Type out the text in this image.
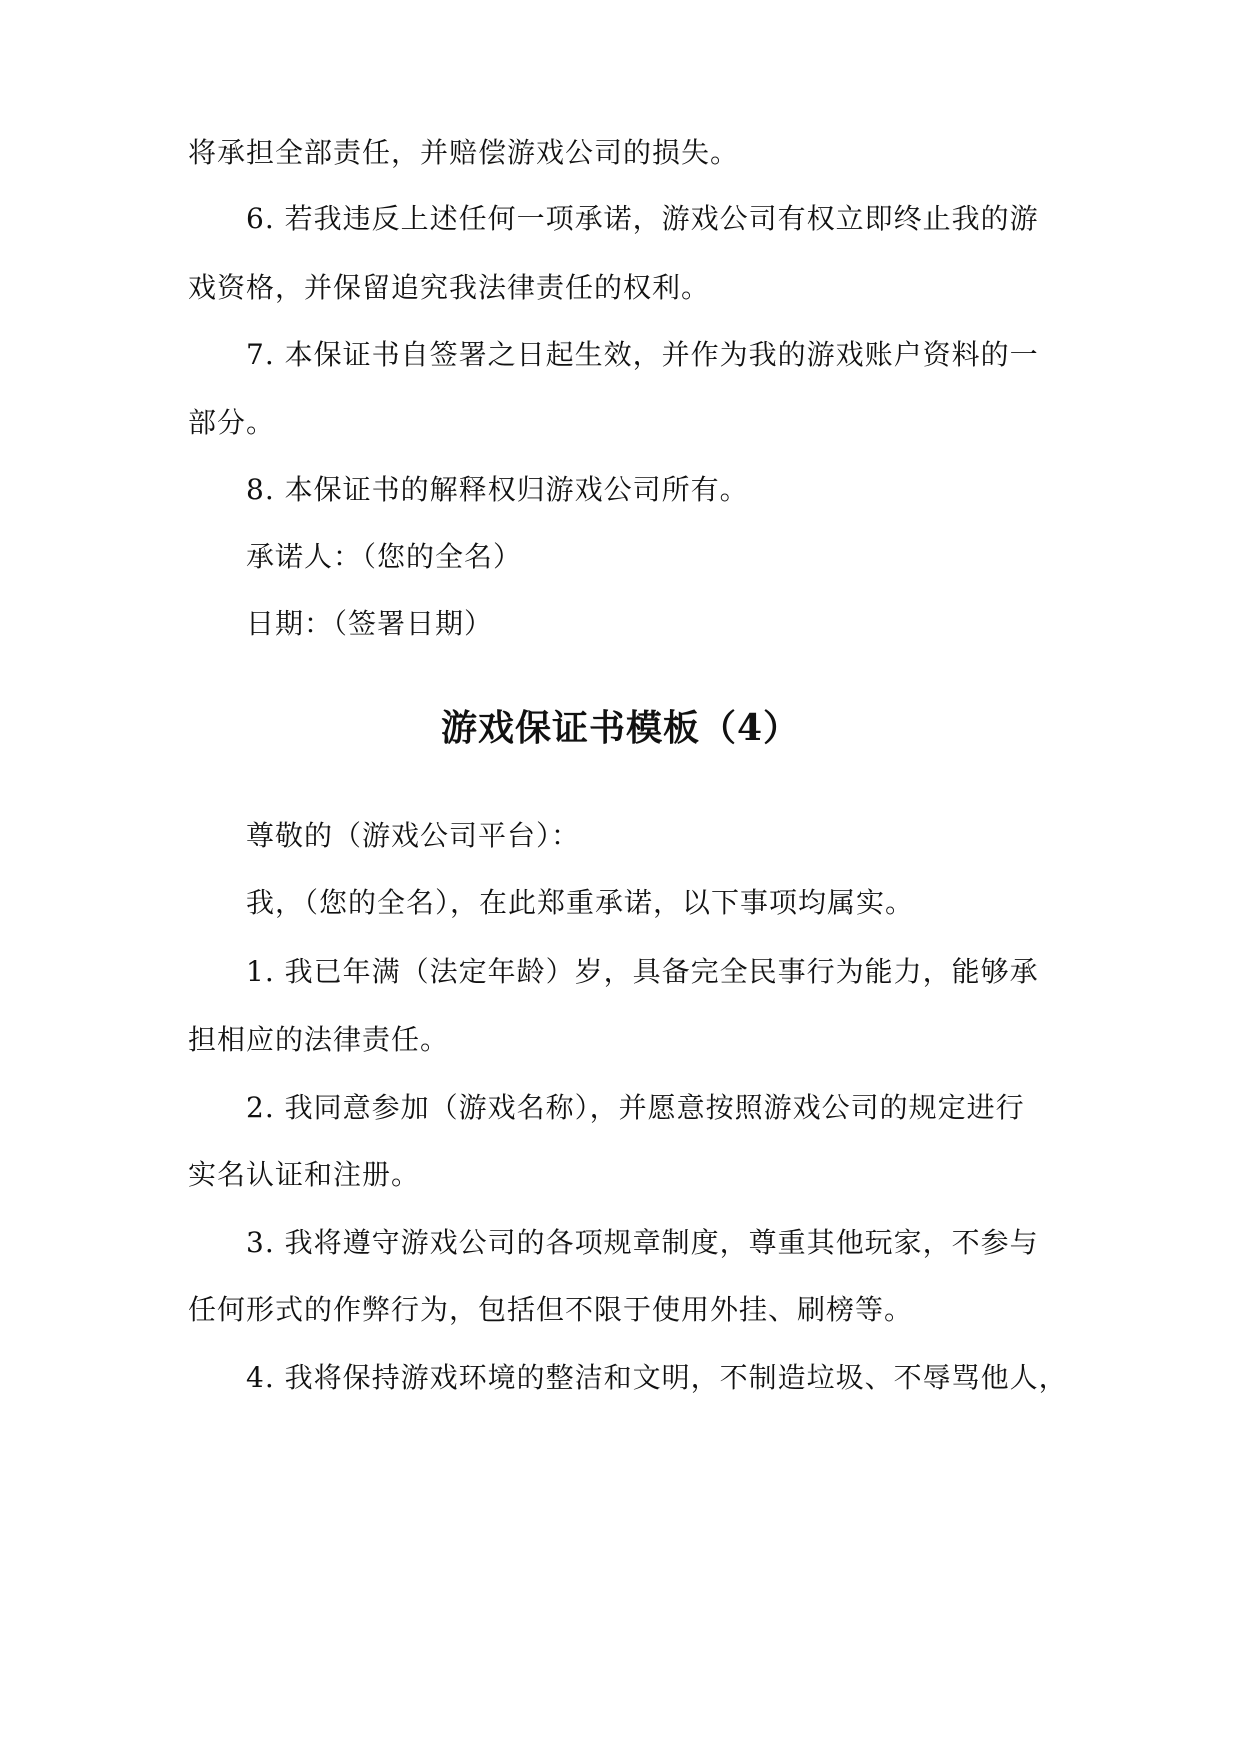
将承担全部责任，并赔偿游戏公司的损失。
6. 若我违反上述任何一项承诺，游戏公司有权立即终止我的游
戏资格，并保留追究我法律责任的权利。
7. 本保证书自签署之日起生效，并作为我的游戏账户资料的一
部分。
8. 本保证书的解释权归游戏公司所有。
承诺人：（您的全名）
日期：（签署日期）
游戏保证书模板（4）
尊敬的（游戏公司平台）：
我，（您的全名），在此郑重承诺，以下事项均属实。
1. 我已年满（法定年龄）岁，具备完全民事行为能力，能够承
担相应的法律责任。
2. 我同意参加（游戏名称），并愿意按照游戏公司的规定进行
实名认证和注册。
3. 我将遵守游戏公司的各项规章制度，尊重其他玩家，不参与
任何形式的作弊行为，包括但不限于使用外挂、刷榜等。
4. 我将保持游戏环境的整洁和文明，不制造垃圾、不辱骂他人，
